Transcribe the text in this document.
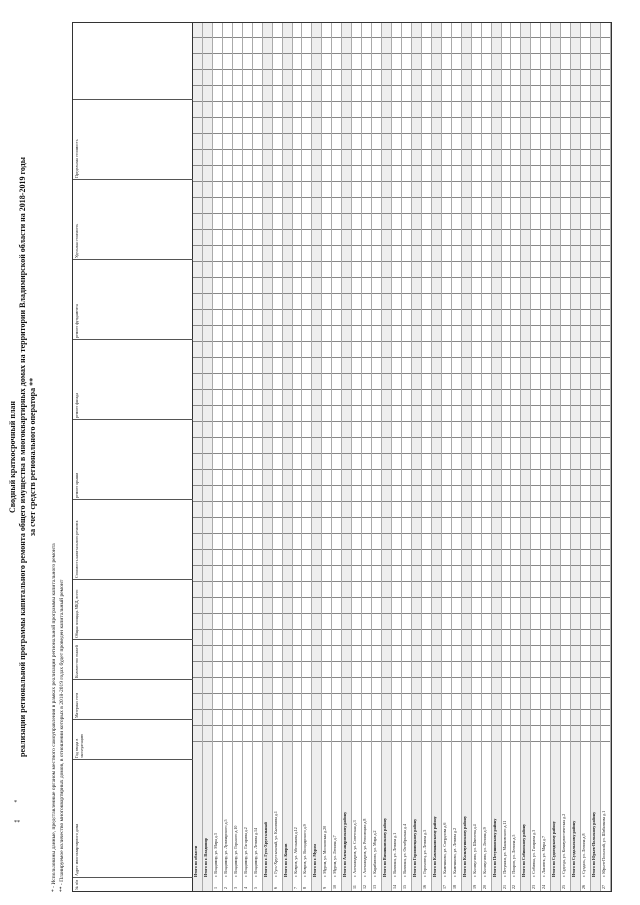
Сводный краткосрочный план реализации региональной программы капитального ремонта общего имущества в многоквартирных домах на территории Владимирской области на 2018-2019 годы за счет средств регионального оператора **
* - Использованы данные, представленные органом местного самоуправления в рамках реализации региональной программы капитального ремонта ** - Планируемое количество многоквартирных домов, в отношении которых в 2018-2019 годах будет проведен капитальный ремонт № п/п
Адрес многоквартирного дома
Год ввода в эксплуатацию
Материал стен
Количество этажей
Общая площадь МКД, всего
Стоимость капитального ремонта
ремонт крыши
ремонт фасада
ремонт фундамента
Удельная стоимость
Предельная стоимость
Итого по области Итого по г. Владимир
1
г. Владимир, ул. Мира д.3
2
г. Владимир, ул. Луначарского д.5
3
г. Владимир, ул. Горького д.10
4
г. Владимир, ул. Гагарина д.2
5
г. Владимир, ул. Ленина д.14 Итого по г. Гусь-Хрустальный
6
г. Гусь-Хрустальный, ул. Калинина д.1 Итого по г. Ковров
7
г. Ковров, ул. Абельмана д.12
8
г. Ковров, ул. Володарского д.9 Итого по г. Муром
9
г. Муром, ул. Московская д.20
10
г. Муром, ул. Ленина д.7 Итого по Александровскому району
11
г. Александров, ул. Советская д.3
12
г. Александров, ул. Революции д.8
13
г. Карабаново, ул. Мира д.2 Итого по Вязниковскому району
14
г. Вязники, ул. Ленина д.1
15
г. Вязники, ул. Октябрьская д.4 Итого по Гороховецкому району
16
г. Гороховец, ул. Ленина д.5 Итого по Камешковскому району
17
г. Камешково, ул. Свердлова д.6
18
г. Камешково, ул. Ленина д.2 Итого по Кольчугинскому району
19
г. Кольчугино, ул. Шмелева д.4
20
г. Кольчугино, ул. Ленина д.9 Итого по Петушинскому району
21
г. Петушки, ул. Маяковского д.11
22
г. Покров, ул. Ленина д.5 Итого по Собинскому району
23
г. Собинка, ул. Гагарина д.3
24
г. Лакинск, ул. Мира д.7 Итого по Судогодскому району
25
г. Судогда, ул. Коммунистическая д.2 Итого по Суздальскому району
26
г. Суздаль, ул. Ленина д.8 Итого по Юрьев-Польскому району
27
г. Юрьев-Польский, ул. Шибанкова д.1
*
**
